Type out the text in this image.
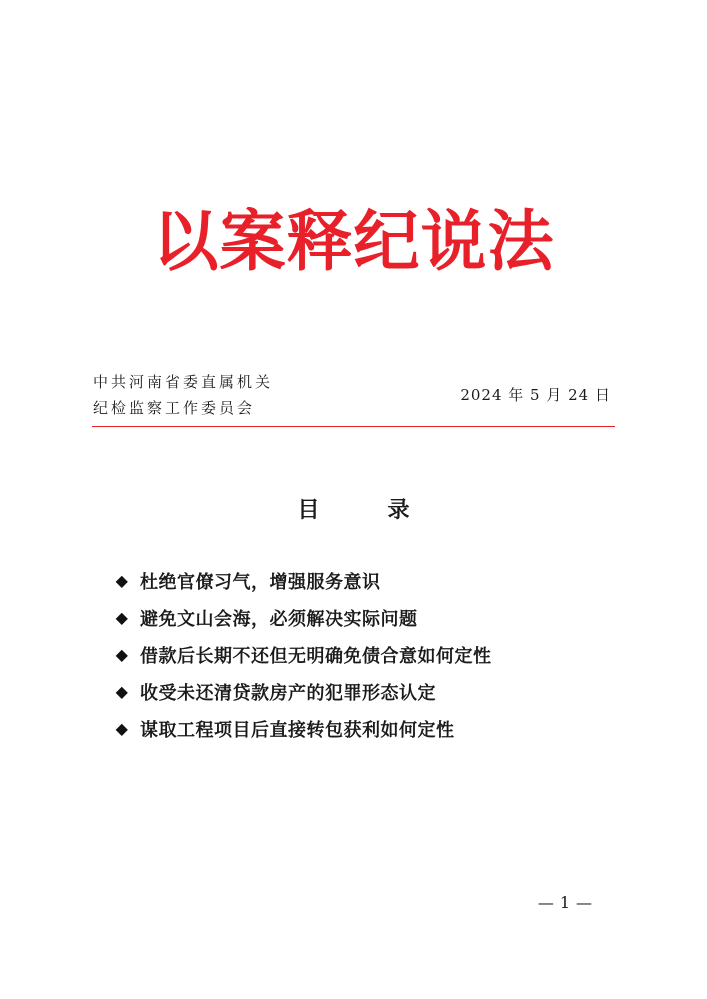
以案释纪说法
中共河南省委直属机关
纪检监察工作委员会
2024 年 5 月 24 日
目	录
◆ 杜绝官僚习气，增强服务意识
◆ 避免文山会海，必须解决实际问题
◆ 借款后长期不还但无明确免债合意如何定性
◆ 收受未还清贷款房产的犯罪形态认定
◆ 谋取工程项目后直接转包获利如何定性
— 1 —
